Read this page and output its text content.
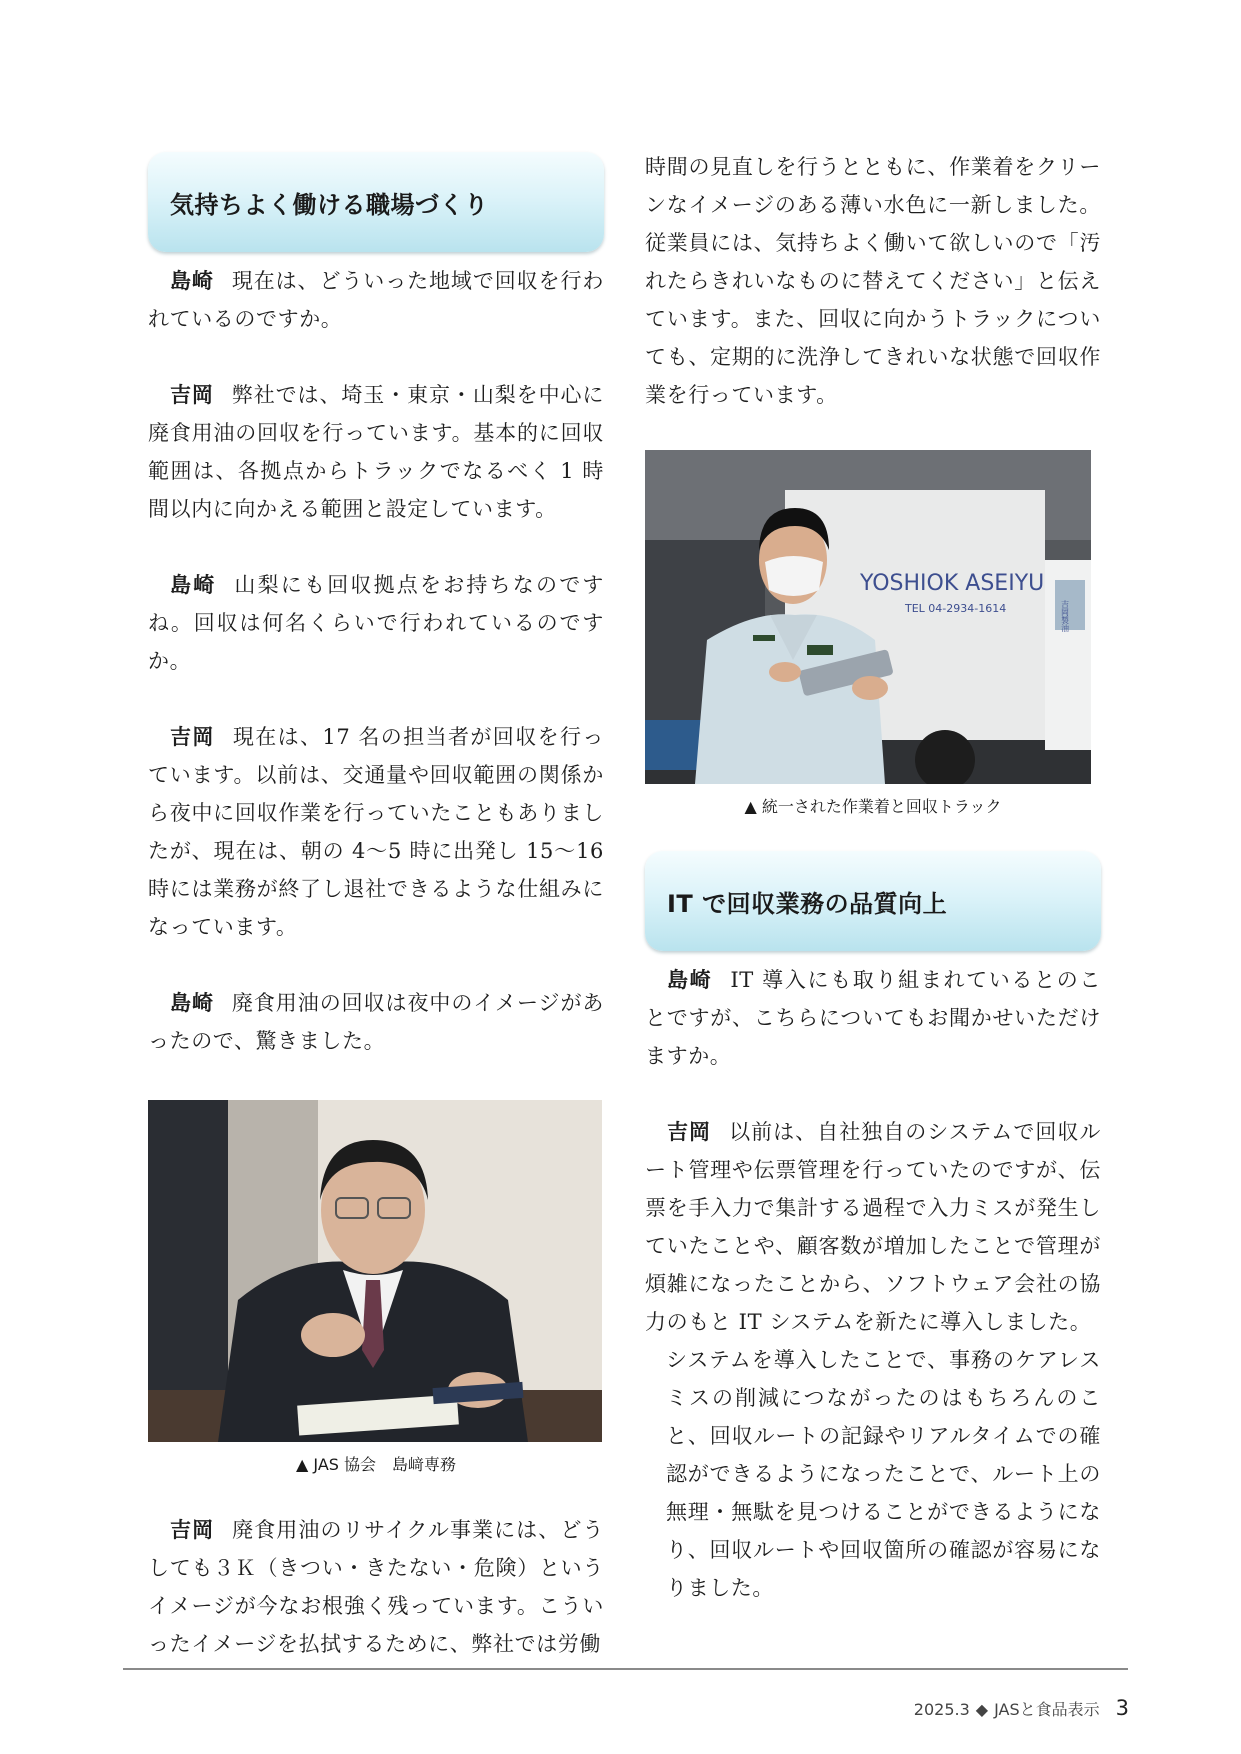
気持ちよく働ける職場づくり

島崎 現在は、どういった地域で回収を行われているのですか。

吉岡 弊社では、埼玉・東京・山梨を中心に廃食用油の回収を行っています。基本的に回収範囲は、各拠点からトラックでなるべく 1 時間以内に向かえる範囲と設定しています。

島崎 山梨にも回収拠点をお持ちなのですね。回収は何名くらいで行われているのですか。

吉岡 現在は、17 名の担当者が回収を行っています。以前は、交通量や回収範囲の関係から夜中に回収作業を行っていたこともありましたが、現在は、朝の 4〜5 時に出発し 15〜16 時には業務が終了し退社できるような仕組みになっています。

島崎 廃食用油の回収は夜中のイメージがあったので、驚きました。

▲ JAS 協会　島﨑専務

吉岡 廃食用油のリサイクル事業には、どうしても３Ｋ（きつい・きたない・危険）というイメージが今なお根強く残っています。こういったイメージを払拭するために、弊社では労働

時間の見直しを行うとともに、作業着をクリーンなイメージのある薄い水色に一新しました。従業員には、気持ちよく働いて欲しいので「汚れたらきれいなものに替えてください」と伝えています。また、回収に向かうトラックについても、定期的に洗浄してきれいな状態で回収作業を行っています。

YOSHIOK ASEIYU
TEL 04-2934-1614	吉岡製油
▲ 統一された作業着と回収トラック
IT で回収業務の品質向上

島崎 IT 導入にも取り組まれているとのことですが、こちらについてもお聞かせいただけますか。

吉岡 以前は、自社独自のシステムで回収ルート管理や伝票管理を行っていたのですが、伝票を手入力で集計する過程で入力ミスが発生していたことや、顧客数が増加したことで管理が煩雑になったことから、ソフトウェア会社の協力のもと IT システムを新たに導入しました。

システムを導入したことで、事務のケアレスミスの削減につながったのはもちろんのこと、回収ルートの記録やリアルタイムでの確認ができるようになったことで、ルート上の無理・無駄を見つけることができるようになり、回収ルートや回収箇所の確認が容易になりました。

2025.3 ◆ JASと食品表示 3
